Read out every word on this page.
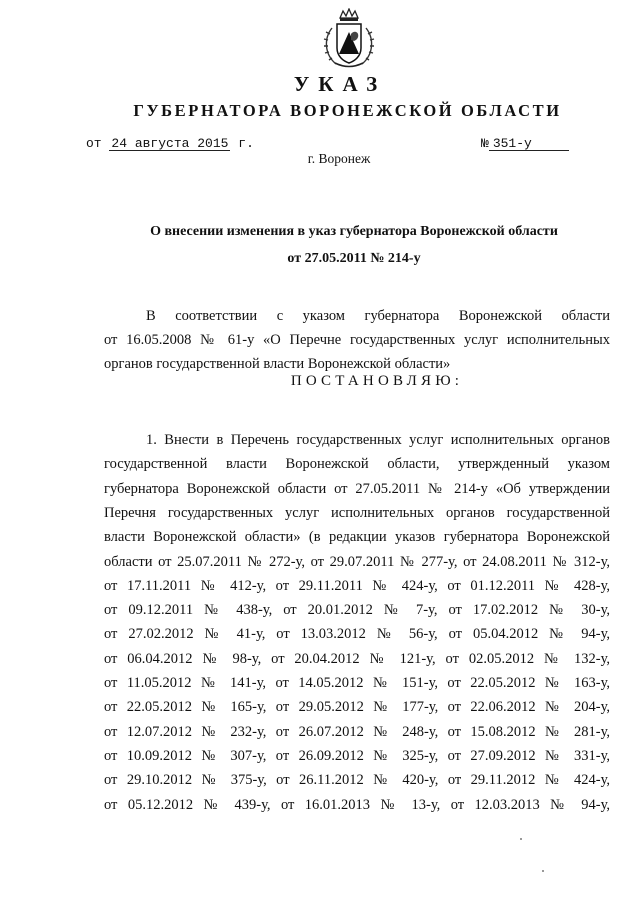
УКАЗ
ГУБЕРНАТОРА ВОРОНЕЖСКОЙ ОБЛАСТИ
от 24 августа 2015 г.	№ 351-у
г. Воронеж
О внесении изменения в указ губернатора Воронежской области
от 27.05.2011 № 214-у
В соответствии с указом губернатора Воронежской области
от 16.05.2008 № 61-у «О Перечне государственных услуг исполнительных
органов государственной власти Воронежской области»
ПОСТАНОВЛЯЮ:
1. Внести в Перечень государственных услуг исполнительных органов
государственной власти Воронежской области, утвержденный указом
губернатора Воронежской области от 27.05.2011 № 214-у «Об утверждении
Перечня государственных услуг исполнительных органов государственной
власти Воронежской области» (в редакции указов губернатора Воронежской
области от 25.07.2011 № 272-у, от 29.07.2011 № 277-у, от 24.08.2011 № 312-у,
от 17.11.2011 № 412-у, от 29.11.2011 № 424-у, от 01.12.2011 № 428-у,
от 09.12.2011 № 438-у, от 20.01.2012 № 7-у, от 17.02.2012 № 30-у,
от 27.02.2012 № 41-у, от 13.03.2012 № 56-у, от 05.04.2012 № 94-у,
от 06.04.2012 № 98-у, от 20.04.2012 № 121-у, от 02.05.2012 № 132-у,
от 11.05.2012 № 141-у, от 14.05.2012 № 151-у, от 22.05.2012 № 163-у,
от 22.05.2012 № 165-у, от 29.05.2012 № 177-у, от 22.06.2012 № 204-у,
от 12.07.2012 № 232-у, от 26.07.2012 № 248-у, от 15.08.2012 № 281-у,
от 10.09.2012 № 307-у, от 26.09.2012 № 325-у, от 27.09.2012 № 331-у,
от 29.10.2012 № 375-у, от 26.11.2012 № 420-у, от 29.11.2012 № 424-у,
от 05.12.2012 № 439-у, от 16.01.2013 № 13-у, от 12.03.2013 № 94-у,
